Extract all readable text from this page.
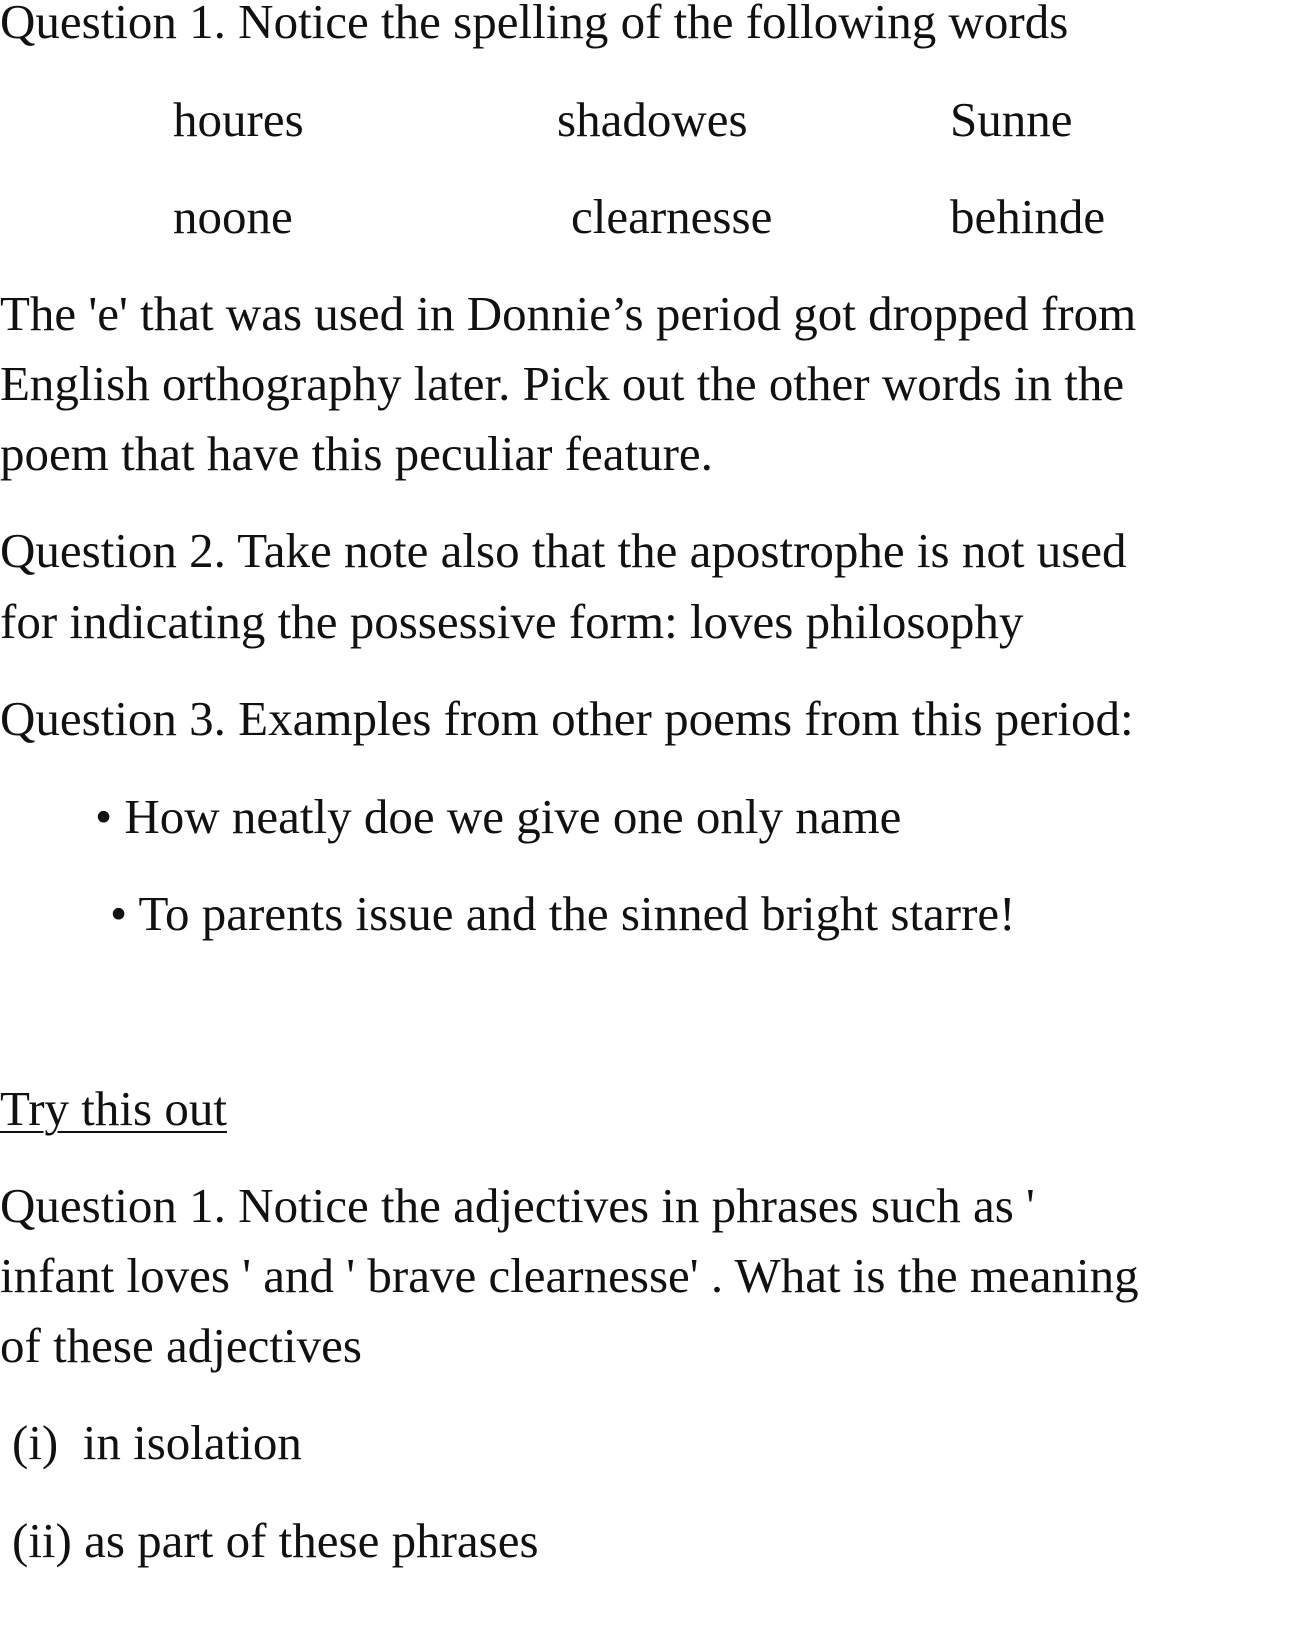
Question 1. Notice the spelling of the following words
houres	shadowes	Sunne
noone	clearnesse	behinde
The 'e' that was used in Donnie’s period got dropped from
English orthography later. Pick out the other words in the
poem that have this peculiar feature.
Question 2. Take note also that the apostrophe is not used
for indicating the possessive form: loves philosophy
Question 3. Examples from other poems from this period:
• How neatly doe we give one only name
• To parents issue and the sinned bright starre!
Try this out
Question 1. Notice the adjectives in phrases such as '
infant loves ' and ' brave clearnesse' . What is the meaning
of these adjectives
(i)  in isolation
(ii) as part of these phrases
